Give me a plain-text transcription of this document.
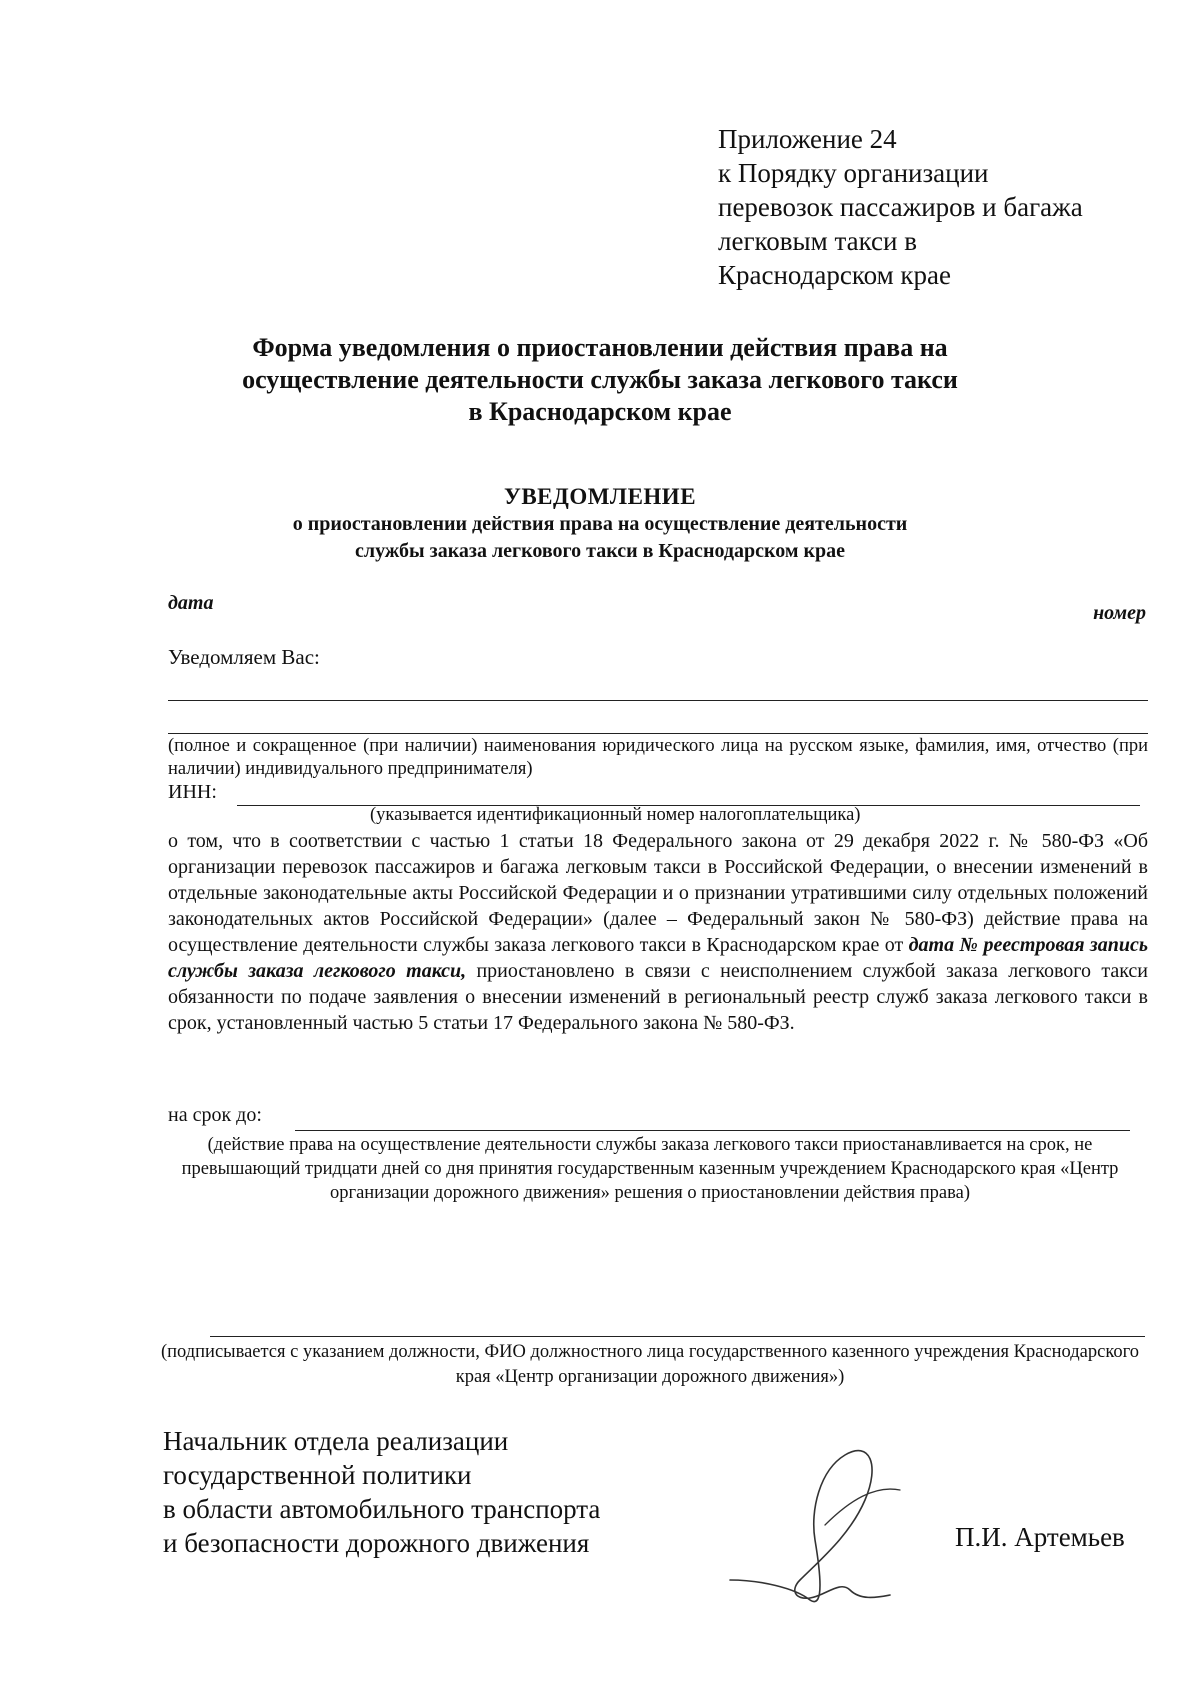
Приложение 24
к Порядку организации
перевозок пассажиров и багажа
легковым такси в
Краснодарском крае
Форма уведомления о приостановлении действия права на
осуществление деятельности службы заказа легкового такси
в Краснодарском крае
УВЕДОМЛЕНИЕ
о приостановлении действия права на осуществление деятельности
службы заказа легкового такси в Краснодарском крае
дата	номер
Уведомляем Вас:
(полное и сокращенное (при наличии) наименования юридического лица на русском языке, фамилия, имя, отчество (при наличии) индивидуального предпринимателя)
ИНН:
(указывается идентификационный номер налогоплательщика)
о том, что в соответствии с частью 1 статьи 18 Федерального закона от 29 декабря 2022 г. № 580-ФЗ «Об организации перевозок пассажиров и багажа легковым такси в Российской Федерации, о внесении изменений в отдельные законодательные акты Российской Федерации и о признании утратившими силу отдельных положений законодательных актов Российской Федерации» (далее – Федеральный закон № 580-ФЗ) действие права на осуществление деятельности службы заказа легкового такси в Краснодарском крае от дата № реестровая запись службы заказа легкового такси, приостановлено в связи с неисполнением службой заказа легкового такси обязанности по подаче заявления о внесении изменений в региональный реестр служб заказа легкового такси в срок, установленный частью 5 статьи 17 Федерального закона № 580-ФЗ.
на срок до:
(действие права на осуществление деятельности службы заказа легкового такси приостанавливается на срок, не превышающий тридцати дней со дня принятия государственным казенным учреждением Краснодарского края «Центр организации дорожного движения» решения о приостановлении действия права)
(подписывается с указанием должности, ФИО должностного лица государственного казенного учреждения Краснодарского края «Центр организации дорожного движения»)
Начальник отдела реализации
государственной политики
в области автомобильного транспорта
и безопасности дорожного движения	П.И. Артемьев
